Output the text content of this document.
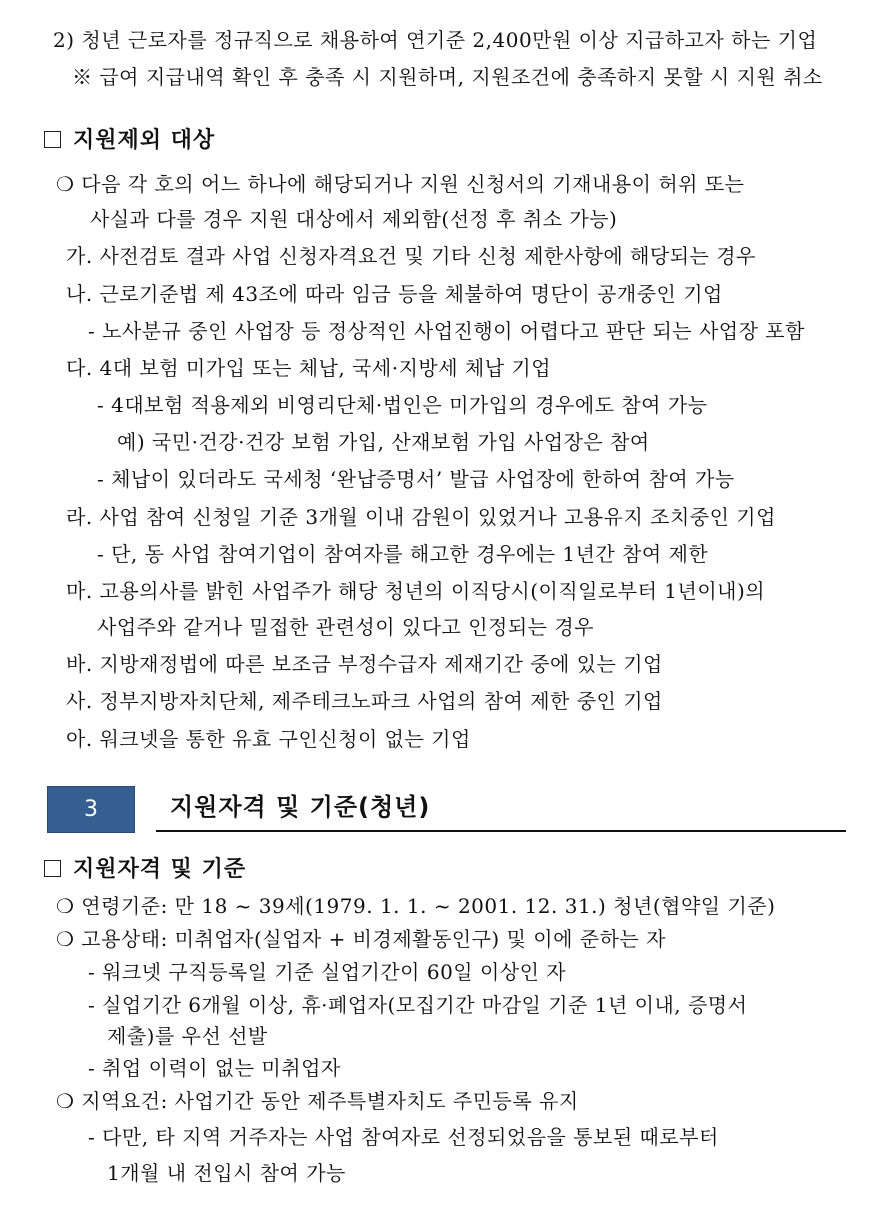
2) 청년 근로자를 정규직으로 채용하여 연기준 2,400만원 이상 지급하고자 하는 기업
※ 급여 지급내역 확인 후 충족 시 지원하며, 지원조건에 충족하지 못할 시 지원 취소
지원제외 대상
❍ 다음 각 호의 어느 하나에 해당되거나 지원 신청서의 기재내용이 허위 또는
사실과 다를 경우 지원 대상에서 제외함(선정 후 취소 가능)
가. 사전검토 결과 사업 신청자격요건 및 기타 신청 제한사항에 해당되는 경우
나. 근로기준법 제 43조에 따라 임금 등을 체불하여 명단이 공개중인 기업
- 노사분규 중인 사업장 등 정상적인 사업진행이 어렵다고 판단 되는 사업장 포함
다. 4대 보험 미가입 또는 체납, 국세·지방세 체납 기업
- 4대보험 적용제외 비영리단체·법인은 미가입의 경우에도 참여 가능
예) 국민·건강·건강 보험 가입, 산재보험 가입 사업장은 참여
- 체납이 있더라도 국세청 ‘완납증명서’ 발급 사업장에 한하여 참여 가능
라. 사업 참여 신청일 기준 3개월 이내 감원이 있었거나 고용유지 조치중인 기업
- 단, 동 사업 참여기업이 참여자를 해고한 경우에는 1년간 참여 제한
마. 고용의사를 밝힌 사업주가 해당 청년의 이직당시(이직일로부터 1년이내)의
사업주와 같거나 밀접한 관련성이 있다고 인정되는 경우
바. 지방재정법에 따른 보조금 부정수급자 제재기간 중에 있는 기업
사. 정부지방자치단체, 제주테크노파크 사업의 참여 제한 중인 기업
아. 워크넷을 통한 유효 구인신청이 없는 기업
3	지원자격 및 기준(청년)
지원자격 및 기준
❍ 연령기준: 만 18 ~ 39세(1979. 1. 1. ~ 2001. 12. 31.) 청년(협약일 기준)
❍ 고용상태: 미취업자(실업자 + 비경제활동인구) 및 이에 준하는 자
- 워크넷 구직등록일 기준 실업기간이 60일 이상인 자
- 실업기간 6개월 이상, 휴·폐업자(모집기간 마감일 기준 1년 이내, 증명서
제출)를 우선 선발
- 취업 이력이 없는 미취업자
❍ 지역요건: 사업기간 동안 제주특별자치도 주민등록 유지
- 다만, 타 지역 거주자는 사업 참여자로 선정되었음을 통보된 때로부터
1개월 내 전입시 참여 가능
